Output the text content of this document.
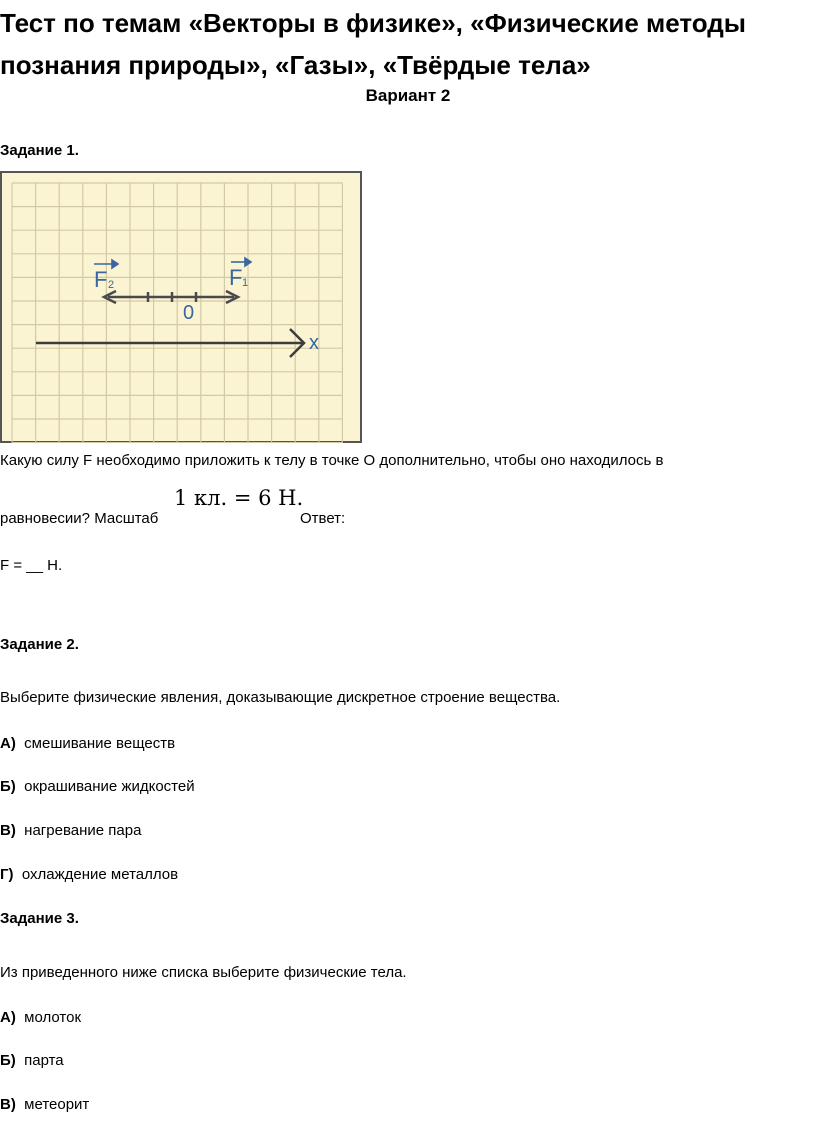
Тест по темам «Векторы в физике», «Физические методы познания природы», «Газы», «Твёрдые тела»
Вариант 2
Задание 1.
F 2	F 1
0
x
Какую силу F необходимо приложить к телу в точке О дополнительно, чтобы оно находилось в
равновесии? Масштаб
1 кл. = 6 Н.
Ответ:
F = __ Н.
Задание 2.
Выберите физические явления, доказывающие дискретное строение вещества.
А) смешивание веществ
Б) окрашивание жидкостей
В) нагревание пара
Г) охлаждение металлов
Задание 3.
Из приведенного ниже списка выберите физические тела.
А) молоток
Б) парта
В) метеорит
